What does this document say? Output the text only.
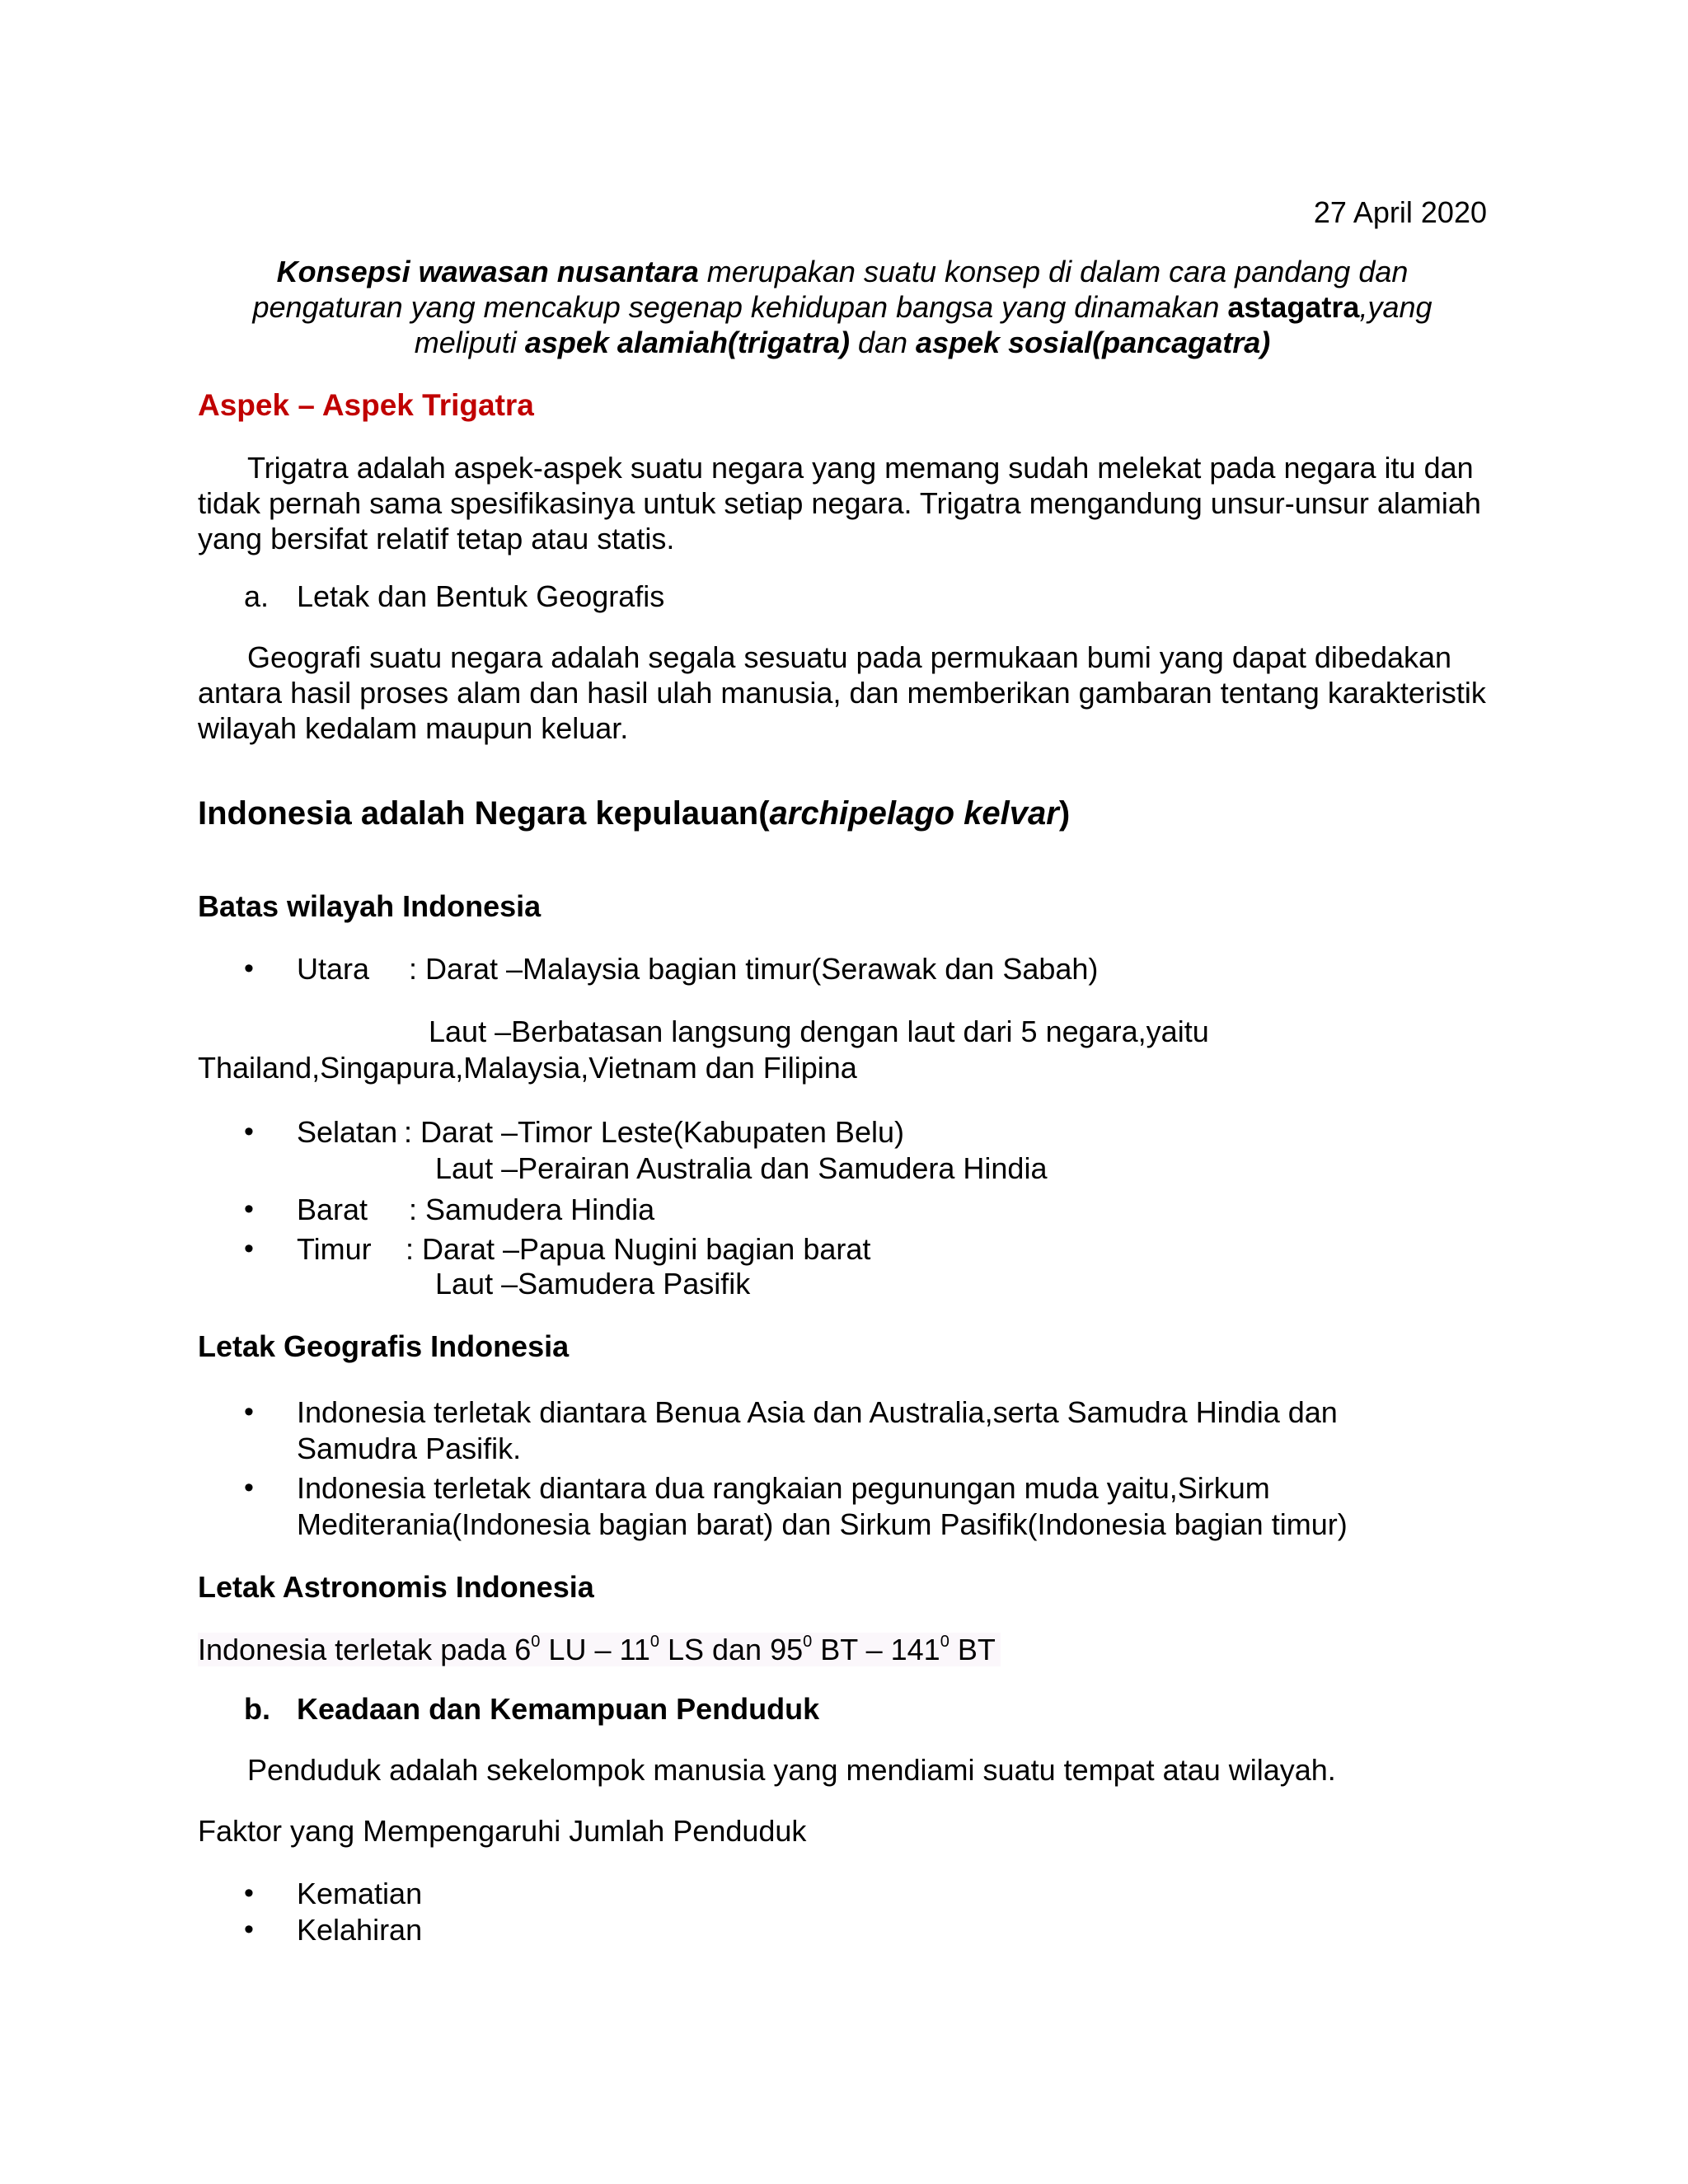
27 April 2020
Konsepsi wawasan nusantara merupakan suatu konsep di dalam cara pandang dan pengaturan yang mencakup segenap kehidupan bangsa yang dinamakan astagatra,yang meliputi aspek alamiah(trigatra) dan aspek sosial(pancagatra)
Aspek – Aspek Trigatra
Trigatra adalah aspek-aspek suatu negara yang memang sudah melekat pada negara itu dan tidak pernah sama spesifikasinya untuk setiap negara. Trigatra mengandung unsur-unsur alamiah yang bersifat relatif tetap atau statis.
a. Letak dan Bentuk Geografis
Geografi suatu negara adalah segala sesuatu pada permukaan bumi yang dapat dibedakan antara hasil proses alam dan hasil ulah manusia, dan memberikan gambaran tentang karakteristik wilayah kedalam maupun keluar.
Indonesia adalah Negara kepulauan(archipelago kelvar)
Batas wilayah Indonesia
• Utara : Darat –Malaysia bagian timur(Serawak dan Sabah)
Laut –Berbatasan langsung dengan laut dari 5 negara,yaitu
Thailand,Singapura,Malaysia,Vietnam dan Filipina
• Selatan : Darat –Timor Leste(Kabupaten Belu)
Laut –Perairan Australia dan Samudera Hindia
• Barat : Samudera Hindia
• Timur : Darat –Papua Nugini bagian barat
Laut –Samudera Pasifik
Letak Geografis Indonesia
• Indonesia terletak diantara Benua Asia dan Australia,serta Samudra Hindia dan
Samudra Pasifik.
• Indonesia terletak diantara dua rangkaian pegunungan muda yaitu,Sirkum
Mediterania(Indonesia bagian barat) dan Sirkum Pasifik(Indonesia bagian timur)
Letak Astronomis Indonesia
Indonesia terletak pada $6^0$ LU – $11^0$ LS dan $95^0$ BT – $141^0$ BT
b. Keadaan dan Kemampuan Penduduk
Penduduk adalah sekelompok manusia yang mendiami suatu tempat atau wilayah.
Faktor yang Mempengaruhi Jumlah Penduduk
• Kematian
• Kelahiran
